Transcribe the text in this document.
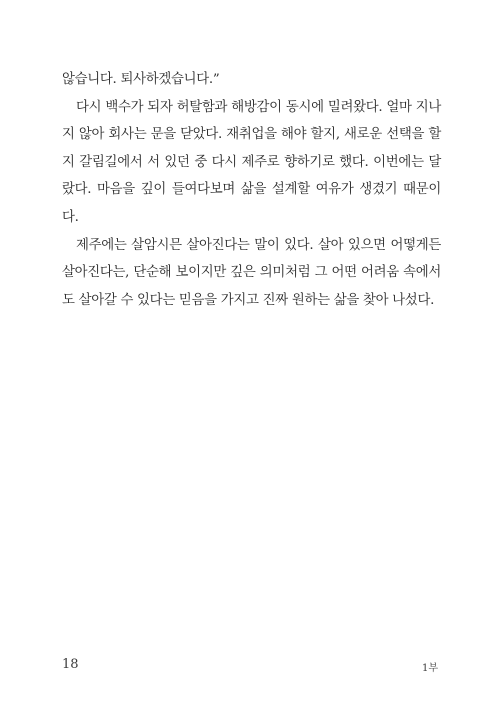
않습니다. 퇴사하겠습니다.”

다시 백수가 되자 허탈함과 해방감이 동시에 밀려왔다. 얼마 지나지 않아 회사는 문을 닫았다. 재취업을 해야 할지, 새로운 선택을 할지 갈림길에서 서 있던 중 다시 제주로 향하기로 했다. 이번에는 달랐다. 마음을 깊이 들여다보며 삶을 설계할 여유가 생겼기 때문이다.

제주에는 살암시믄 살아진다는 말이 있다. 살아 있으면 어떻게든 살아진다는, 단순해 보이지만 깊은 의미처럼 그 어떤 어려움 속에서도 살아갈 수 있다는 믿음을 가지고 진짜 원하는 삶을 찾아 나섰다.

18	1부
